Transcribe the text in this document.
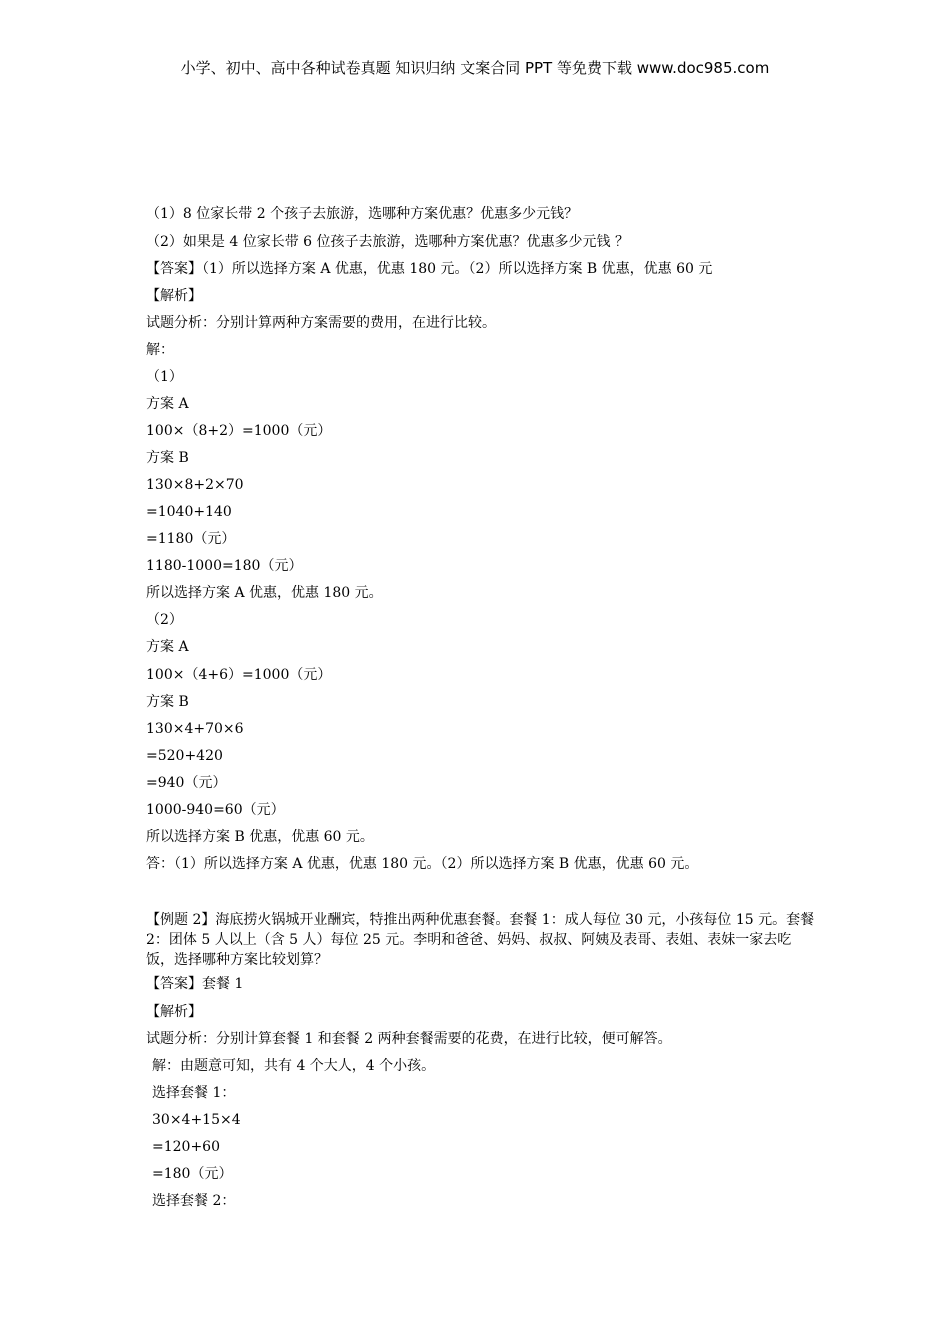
小学、初中、高中各种试卷真题 知识归纳 文案合同 PPT 等免费下载 www.doc985.com
（1）8 位家长带 2 个孩子去旅游，选哪种方案优惠？优惠多少元钱？
（2）如果是 4 位家长带 6 位孩子去旅游，选哪种方案优惠？优惠多少元钱 ？
【答案】（1）所以选择方案 A 优惠，优惠 180 元。（2）所以选择方案 B 优惠，优惠 60 元
【解析】
试题分析：分别计算两种方案需要的费用，在进行比较。
解：
（1）
方案 A
100×（8+2）=1000（元）
方案 B
130×8+2×70
=1040+140
=1180（元）
1180-1000=180（元）
所以选择方案 A 优惠，优惠 180 元。
（2）
方案 A
100×（4+6）=1000（元）
方案 B
130×4+70×6
=520+420
=940（元）
1000-940=60（元）
所以选择方案 B 优惠，优惠 60 元。
答：（1）所以选择方案 A 优惠，优惠 180 元。（2）所以选择方案 B 优惠，优惠 60 元。
【例题 2】海底捞火锅城开业酬宾，特推出两种优惠套餐。套餐 1：成人每位 30 元，小孩每位 15 元。套餐 2：团体 5 人以上（含 5 人）每位 25 元。李明和爸爸、妈妈、叔叔、阿姨及表哥、表姐、表妹一家去吃饭，选择哪种方案比较划算？
【答案】套餐 1
【解析】
试题分析：分别计算套餐 1 和套餐 2 两种套餐需要的花费，在进行比较，便可解答。
解：由题意可知，共有 4 个大人，4 个小孩。
选择套餐 1：
30×4+15×4
=120+60
=180（元）
选择套餐 2：
